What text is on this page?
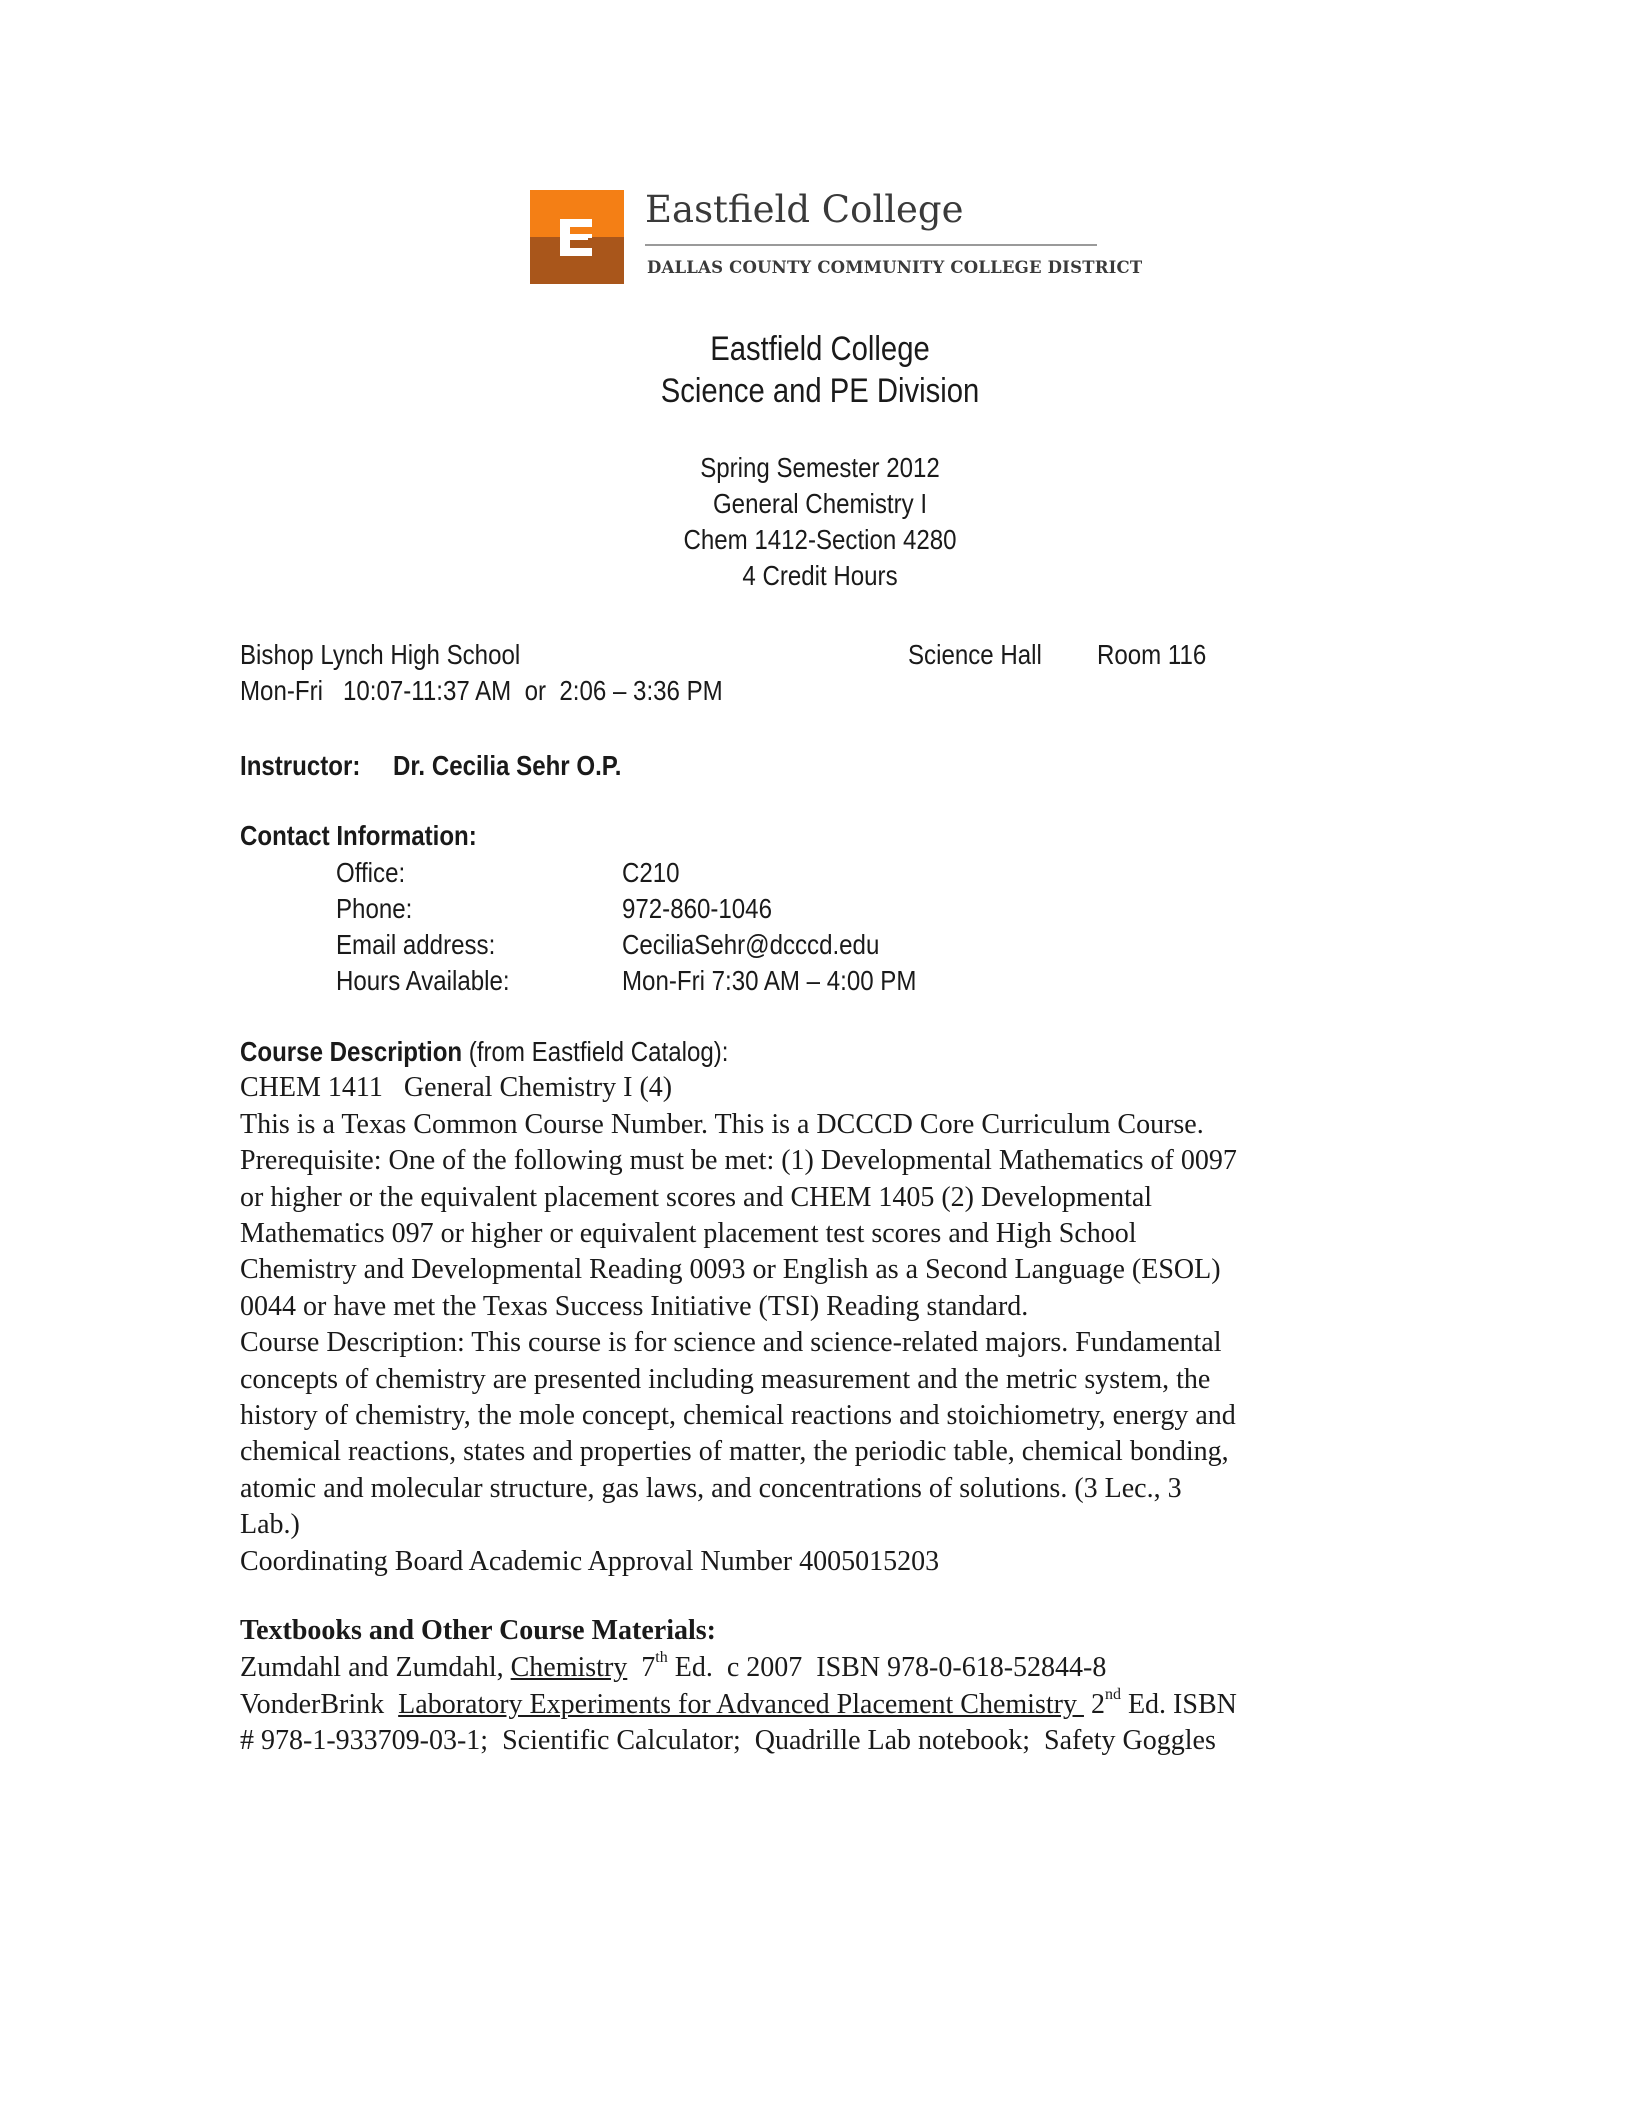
Eastfield College
DALLAS COUNTY COMMUNITY COLLEGE DISTRICT
Eastfield College
Science and PE Division
Spring Semester 2012
General Chemistry I
Chem 1412-Section 4280
4 Credit Hours
Bishop Lynch High School
Mon-Fri   10:07-11:37 AM  or  2:06 – 3:36 PM
Science Hall Room 116
Instructor: Dr. Cecilia Sehr O.P.
Contact Information:
Office:	C210
Phone:	972-860-1046
Email address:	CeciliaSehr@dcccd.edu
Hours Available:	Mon-Fri 7:30 AM – 4:00 PM
Course Description (from Eastfield Catalog):
CHEM 1411   General Chemistry I (4)
This is a Texas Common Course Number. This is a DCCCD Core Curriculum Course.
Prerequisite: One of the following must be met: (1) Developmental Mathematics of 0097
or higher or the equivalent placement scores and CHEM 1405 (2) Developmental
Mathematics 097 or higher or equivalent placement test scores and High School
Chemistry and Developmental Reading 0093 or English as a Second Language (ESOL)
0044 or have met the Texas Success Initiative (TSI) Reading standard.
Course Description: This course is for science and science-related majors. Fundamental
concepts of chemistry are presented including measurement and the metric system, the
history of chemistry, the mole concept, chemical reactions and stoichiometry, energy and
chemical reactions, states and properties of matter, the periodic table, chemical bonding,
atomic and molecular structure, gas laws, and concentrations of solutions. (3 Lec., 3
Lab.)
Coordinating Board Academic Approval Number 4005015203
Textbooks and Other Course Materials:
Zumdahl and Zumdahl, Chemistry 7th Ed.  c 2007  ISBN 978-0-618-52844-8
VonderBrink  Laboratory Experiments for Advanced Placement Chemistry  2nd Ed. ISBN
# 978-1-933709-03-1;  Scientific Calculator;  Quadrille Lab notebook;  Safety Goggles
